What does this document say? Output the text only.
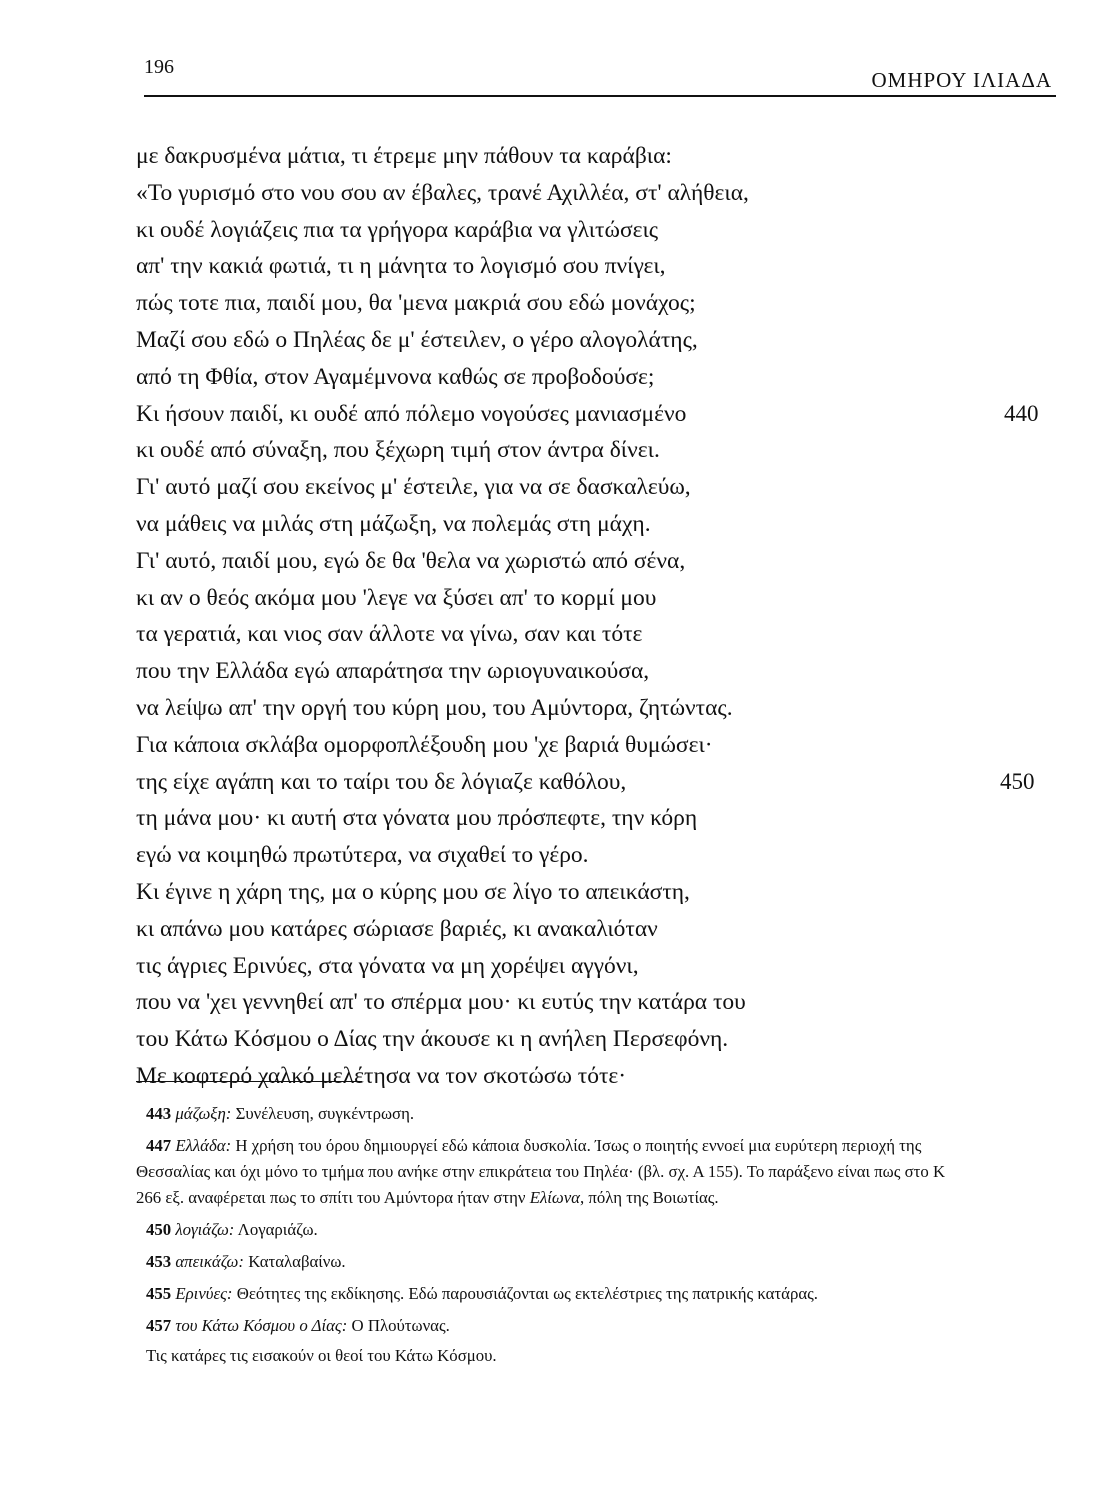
196
ΟΜΗΡΟΥ ΙΛΙΑΔΑ
με δακρυσμένα μάτια, τι έτρεμε μην πάθουν τα καράβια:
«Το γυρισμό στο νου σου αν έβαλες, τρανέ Αχιλλέα, στ' αλήθεια,
κι ουδέ λογιάζεις πια τα γρήγορα καράβια να γλιτώσεις
απ' την κακιά φωτιά, τι η μάνητα το λογισμό σου πνίγει,
πώς τοτε πια, παιδί μου, θα 'μενα μακριά σου εδώ μονάχος;
Μαζί σου εδώ ο Πηλέας δε μ' έστειλεν, ο γέρο αλογολάτης,
από τη Φθία, στον Αγαμέμνονα καθώς σε προβοδούσε;
Κι ήσουν παιδί, κι ουδέ από πόλεμο νογούσες μανιασμένο	440
κι ουδέ από σύναξη, που ξέχωρη τιμή στον άντρα δίνει.
Γι' αυτό μαζί σου εκείνος μ' έστειλε, για να σε δασκαλεύω,
να μάθεις να μιλάς στη μάζωξη, να πολεμάς στη μάχη.
Γι' αυτό, παιδί μου, εγώ δε θα 'θελα να χωριστώ από σένα,
κι αν ο θεός ακόμα μου 'λεγε να ξύσει απ' το κορμί μου
τα γερατιά, και νιος σαν άλλοτε να γίνω, σαν και τότε
που την Ελλάδα εγώ απαράτησα την ωριογυναικούσα,
να λείψω απ' την οργή του κύρη μου, του Αμύντορα, ζητώντας.
Για κάποια σκλάβα ομορφοπλέξουδη μου 'χε βαριά θυμώσει·
της είχε αγάπη και το ταίρι του δε λόγιαζε καθόλου,	450
τη μάνα μου· κι αυτή στα γόνατα μου πρόσπεφτε, την κόρη
εγώ να κοιμηθώ πρωτύτερα, να σιχαθεί το γέρο.
Κι έγινε η χάρη της, μα ο κύρης μου σε λίγο το απεικάστη,
κι απάνω μου κατάρες σώριασε βαριές, κι ανακαλιόταν
τις άγριες Ερινύες, στα γόνατα να μη χορέψει αγγόνι,
που να 'χει γεννηθεί απ' το σπέρμα μου· κι ευτύς την κατάρα του
του Κάτω Κόσμου ο Δίας την άκουσε κι η ανήλεη Περσεφόνη.
Με κοφτερό χαλκό μελέτησα να τον σκοτώσω τότε·

443 μάζωξη: Συνέλευση, συγκέντρωση.

447 Ελλάδα: Η χρήση του όρου δημιουργεί εδώ κάποια δυσκολία. Ίσως ο ποιητής εννοεί μια ευρύτερη περιοχή της Θεσσαλίας και όχι μόνο το τμήμα που ανήκε στην επικράτεια του Πηλέα· (βλ. σχ. Α 155). Το παράξενο είναι πως στο Κ 266 εξ. αναφέρεται πως το σπίτι του Αμύντορα ήταν στην Ελίωνα, πόλη της Βοιωτίας.

450 λογιάζω: Λογαριάζω.

453 απεικάζω: Καταλαβαίνω.

455 Ερινύες: Θεότητες της εκδίκησης. Εδώ παρουσιάζονται ως εκτελέστριες της πατρικής κατάρας.

457 του Κάτω Κόσμου ο Δίας: Ο Πλούτωνας.

Τις κατάρες τις εισακούν οι θεοί του Κάτω Κόσμου.
